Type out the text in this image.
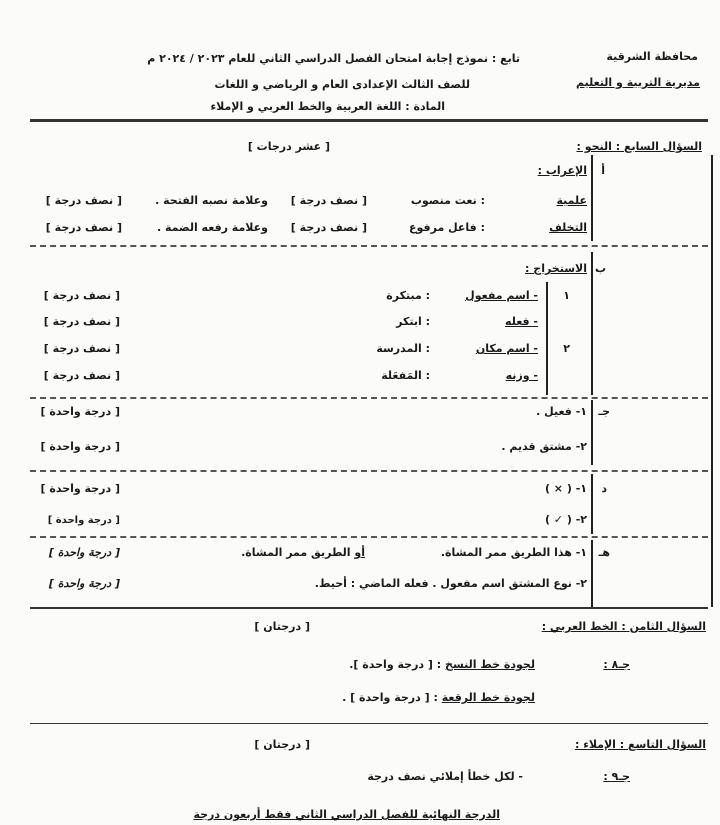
محافظة الشرقية
مديرية التربية و التعليم
تابع : نموذج إجابة امتحان الفصل الدراسي الثاني للعام ٢٠٢٣ / ٢٠٢٤ م
للصف الثالث الإعدادى العام و الرياضي و اللغات
المادة : اللغة العربية والخط العربي و الإملاء
السؤال السابع : النحو :
[ عشر درجات ]
أ
الإعراب :
علمية
: نعت منصوب
[ نصف درجة ]
وعلامة نصبه الفتحة .
[ نصف درجة ]
التخلف
: فاعل مرفوع
[ نصف درجة ]
وعلامة رفعه الضمة .
[ نصف درجة ]
ب
الاستخراج :
١
- اسم مفعول
: مبتكرة
[ نصف درجة ]
- فعله
: ابتكر
[ نصف درجة ]
٢
- اسم مكان
: المدرسة
[ نصف درجة ]
- وزنه
: المَفعَلة
[ نصف درجة ]
جـ
١- فعيل .
[ درجة واحدة ]
٢- مشتق قديم .
[ درجة واحدة ]
د
١- ( × )
[ درجة واحدة ]
٢- ( ✓ )
[ درجة واحدة ]
هـ
١- هذا الطريق ممر المشاة.
أو الطريق ممر المشاة.
[ درجة واحدة ]
٢- نوع المشتق اسم مفعول . فعله الماضي : أحيط.
[ درجة واحدة ]
السؤال الثامن : الخط العربي :
[ درجتان ]
جـ٨ :
لجودة خط النسخ : [ درجة واحدة ].
لجودة خط الرقعة : [ درجة واحدة ] .
السؤال التاسع : الإملاء :
[ درجتان ]
جـ٩ :
- لكل خطأ إملائي نصف درجة
الدرجة النهائية للفصل الدراسي الثاني فقط أربعون درجة
